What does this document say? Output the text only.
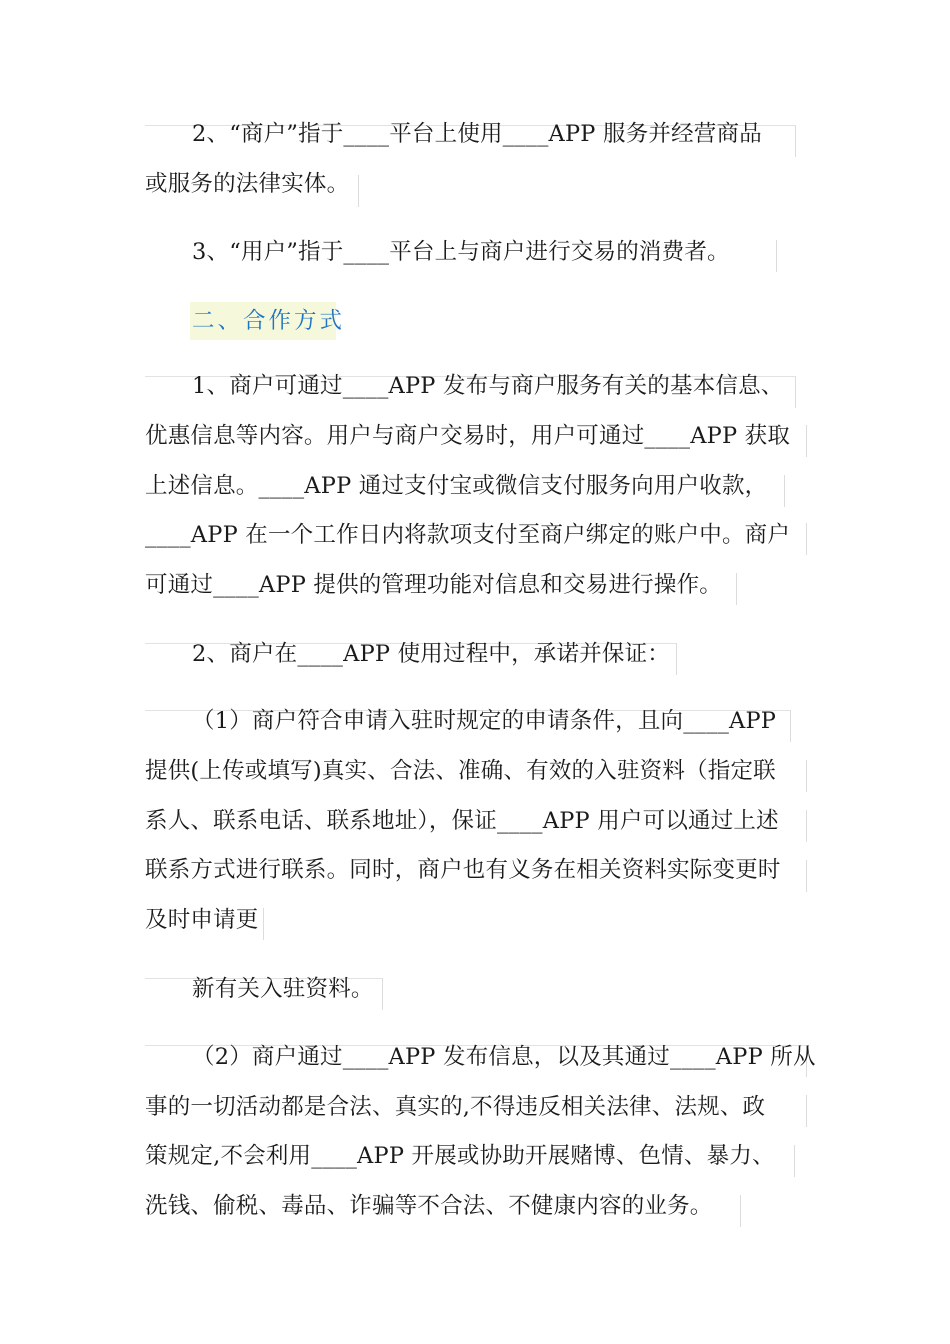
二、合作方式
2、“商户”指于____平台上使用____APP 服务并经营商品
或服务的法律实体。
3、“用户”指于____平台上与商户进行交易的消费者。
1、商户可通过____APP 发布与商户服务有关的基本信息、
优惠信息等内容。用户与商户交易时，用户可通过____APP 获取
上述信息。____APP 通过支付宝或微信支付服务向用户收款，
____APP 在一个工作日内将款项支付至商户绑定的账户中。商户
可通过____APP 提供的管理功能对信息和交易进行操作。
2、商户在____APP 使用过程中，承诺并保证：
（1）商户符合申请入驻时规定的申请条件，且向____APP
提供(上传或填写)真实、合法、准确、有效的入驻资料（指定联
系人、联系电话、联系地址），保证____APP 用户可以通过上述
联系方式进行联系。同时，商户也有义务在相关资料实际变更时
及时申请更
新有关入驻资料。
（2）商户通过____APP 发布信息，以及其通过____APP 所从
事的一切活动都是合法、真实的,不得违反相关法律、法规、政
策规定,不会利用____APP 开展或协助开展赌博、色情、暴力、
洗钱、偷税、毒品、诈骗等不合法、不健康内容的业务。
